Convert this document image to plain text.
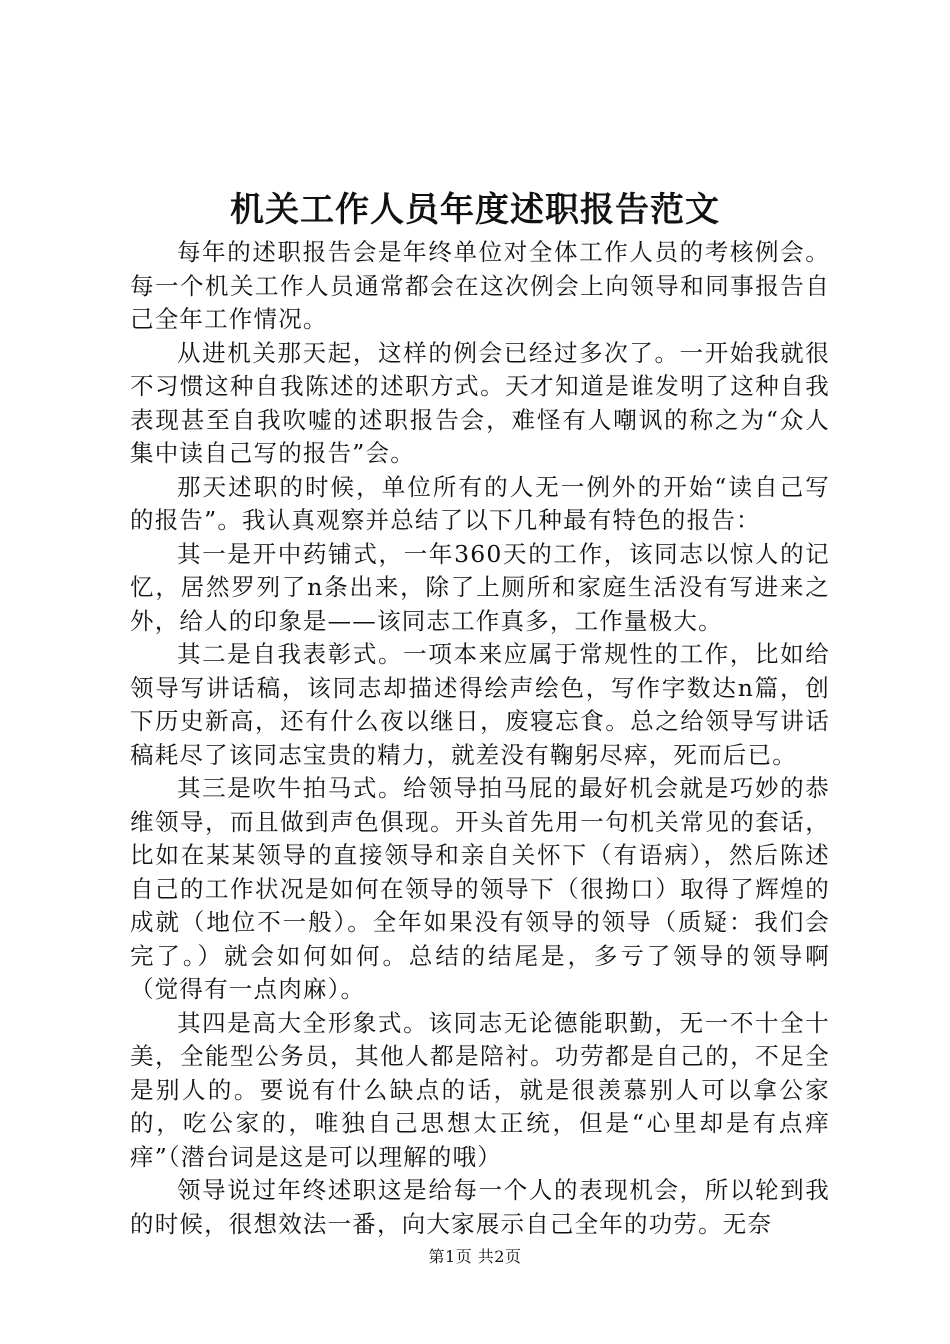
机关工作人员年度述职报告范文

每年的述职报告会是年终单位对全体工作人员的考核例会。每一个机关工作人员通常都会在这次例会上向领导和同事报告自己全年工作情况。

从进机关那天起，这样的例会已经过多次了。一开始我就很不习惯这种自我陈述的述职方式。天才知道是谁发明了这种自我表现甚至自我吹嘘的述职报告会，难怪有人嘲讽的称之为“众人集中读自己写的报告”会。

那天述职的时候，单位所有的人无一例外的开始“读自己写的报告”。我认真观察并总结了以下几种最有特色的报告：

其一是开中药铺式，一年360天的工作，该同志以惊人的记忆，居然罗列了n条出来，除了上厕所和家庭生活没有写进来之外，给人的印象是——该同志工作真多，工作量极大。

其二是自我表彰式。一项本来应属于常规性的工作，比如给领导写讲话稿，该同志却描述得绘声绘色，写作字数达n篇，创下历史新高，还有什么夜以继日，废寝忘食。总之给领导写讲话稿耗尽了该同志宝贵的精力，就差没有鞠躬尽瘁，死而后已。

其三是吹牛拍马式。给领导拍马屁的最好机会就是巧妙的恭维领导，而且做到声色俱现。开头首先用一句机关常见的套话，比如在某某领导的直接领导和亲自关怀下（有语病），然后陈述自己的工作状况是如何在领导的领导下（很拗口）取得了辉煌的成就（地位不一般）。全年如果没有领导的领导（质疑：我们会完了。）就会如何如何。总结的结尾是，多亏了领导的领导啊（觉得有一点肉麻）。

其四是高大全形象式。该同志无论德能职勤，无一不十全十美，全能型公务员，其他人都是陪衬。功劳都是自己的，不足全是别人的。要说有什么缺点的话，就是很羡慕别人可以拿公家的，吃公家的，唯独自己思想太正统，但是“心里却是有点痒痒”（潜台词是这是可以理解的哦）

领导说过年终述职这是给每一个人的表现机会，所以轮到我的时候，很想效法一番，向大家展示自己全年的功劳。无奈

第1页 共2页
